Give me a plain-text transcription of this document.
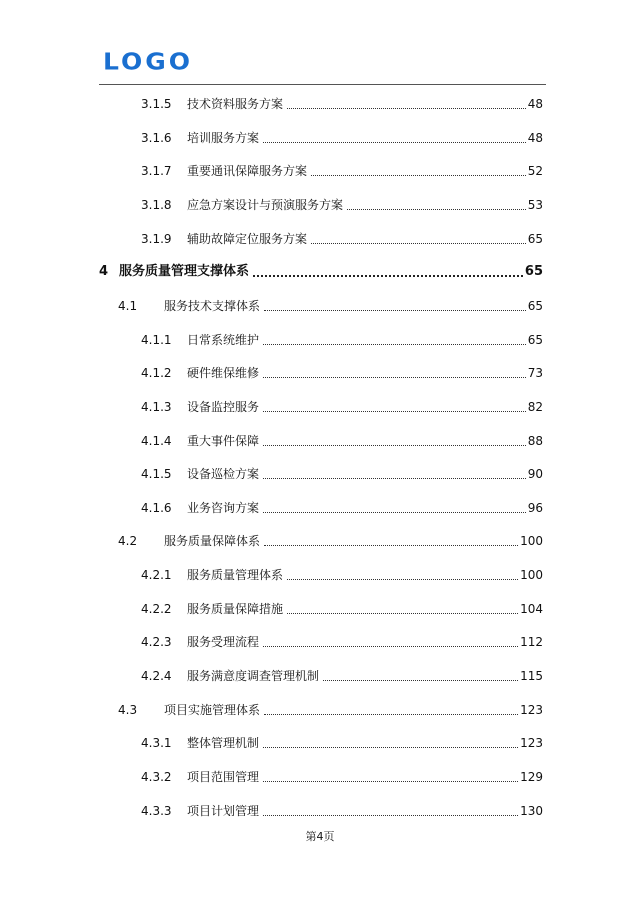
LOGO
3.1.5 技术资料服务方案	48
3.1.6 培训服务方案	48
3.1.7 重要通讯保障服务方案	52
3.1.8 应急方案设计与预演服务方案	53
3.1.9 辅助故障定位服务方案	65
4 服务质量管理支撑体系	65
4.1 服务技术支撑体系	65
4.1.1 日常系统维护	65
4.1.2 硬件维保维修	73
4.1.3 设备监控服务	82
4.1.4 重大事件保障	88
4.1.5 设备巡检方案	90
4.1.6 业务咨询方案	96
4.2 服务质量保障体系	100
4.2.1 服务质量管理体系	100
4.2.2 服务质量保障措施	104
4.2.3 服务受理流程	112
4.2.4 服务满意度调查管理机制	115
4.3 项目实施管理体系	123
4.3.1 整体管理机制	123
4.3.2 项目范围管理	129
4.3.3 项目计划管理	130
第4页
